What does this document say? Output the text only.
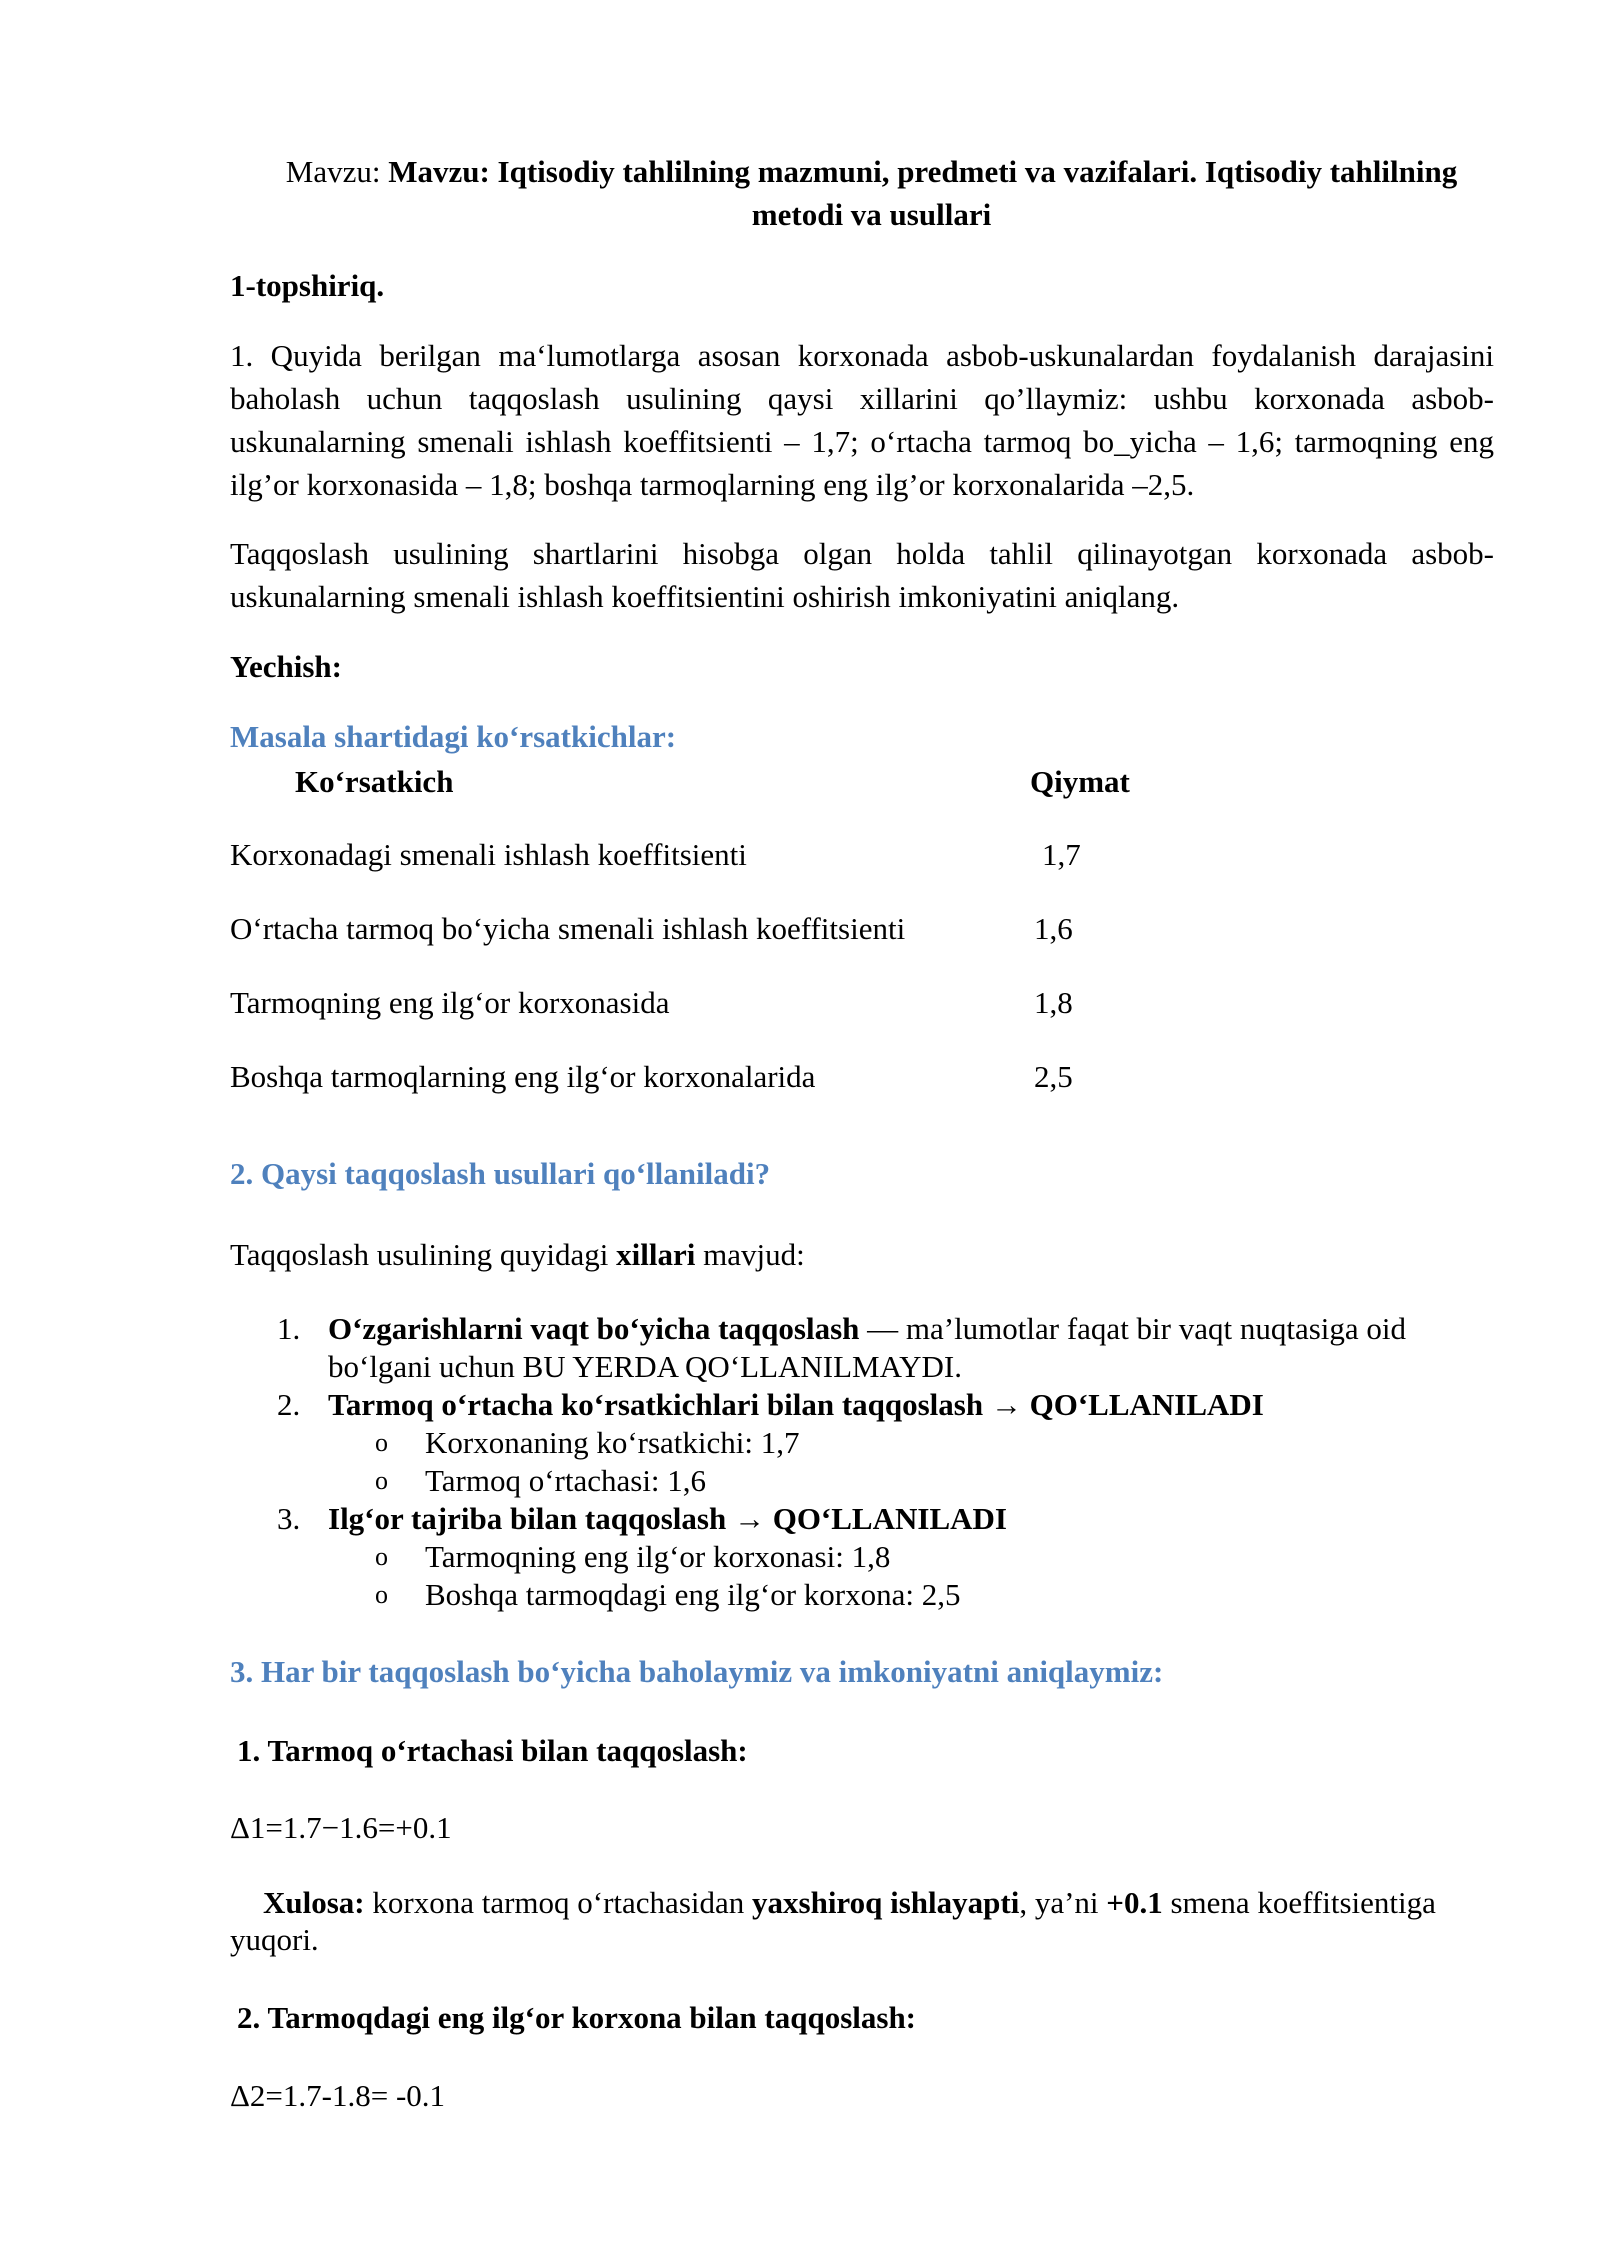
Mavzu: Mavzu: Iqtisodiy tahlilning mazmuni, predmeti va vazifalari. Iqtisodiy tahlilning
metodi va usullari
1-topshiriq.
1. Quyida berilgan ma‘lumotlarga asosan korxonada asbob-uskunalardan foydalanish darajasini baholash uchun taqqoslash usulining qaysi xillarini qo’llaymiz: ushbu korxonada asbob-uskunalarning smenali ishlash koeffitsienti – 1,7; o‘rtacha tarmoq bo_yicha – 1,6; tarmoqning eng ilg’or korxonasida – 1,8; boshqa tarmoqlarning eng ilg’or korxonalarida –2,5.
Taqqoslash usulining shartlarini hisobga olgan holda tahlil qilinayotgan korxonada asbob-uskunalarning smenali ishlash koeffitsientini oshirish imkoniyatini aniqlang.
Yechish:
Masala shartidagi ko‘rsatkichlar:
Ko‘rsatkich	Qiymat
Korxonadagi smenali ishlash koeffitsienti	1,7
O‘rtacha tarmoq bo‘yicha smenali ishlash koeffitsienti	1,6
Tarmoqning eng ilg‘or korxonasida	1,8
Boshqa tarmoqlarning eng ilg‘or korxonalarida	2,5
2. Qaysi taqqoslash usullari qo‘llaniladi?
Taqqoslash usulining quyidagi xillari mavjud:
1. O‘zgarishlarni vaqt bo‘yicha taqqoslash — ma’lumotlar faqat bir vaqt nuqtasiga oid
bo‘lgani uchun BU YERDA QO‘LLANILMAYDI.
2. Tarmoq o‘rtacha ko‘rsatkichlari bilan taqqoslash → QO‘LLANILADI
o Korxonaning ko‘rsatkichi: 1,7
o Tarmoq o‘rtachasi: 1,6
3. Ilg‘or tajriba bilan taqqoslash → QO‘LLANILADI
o Tarmoqning eng ilg‘or korxonasi: 1,8
o Boshqa tarmoqdagi eng ilg‘or korxona: 2,5
3. Har bir taqqoslash bo‘yicha baholaymiz va imkoniyatni aniqlaymiz:
1. Tarmoq o‘rtachasi bilan taqqoslash:
Δ1=1.7−1.6=+0.1
Xulosa: korxona tarmoq o‘rtachasidan yaxshiroq ishlayapti, ya’ni +0.1 smena koeffitsientiga
yuqori.
2. Tarmoqdagi eng ilg‘or korxona bilan taqqoslash:
Δ2=1.7-1.8= -0.1
